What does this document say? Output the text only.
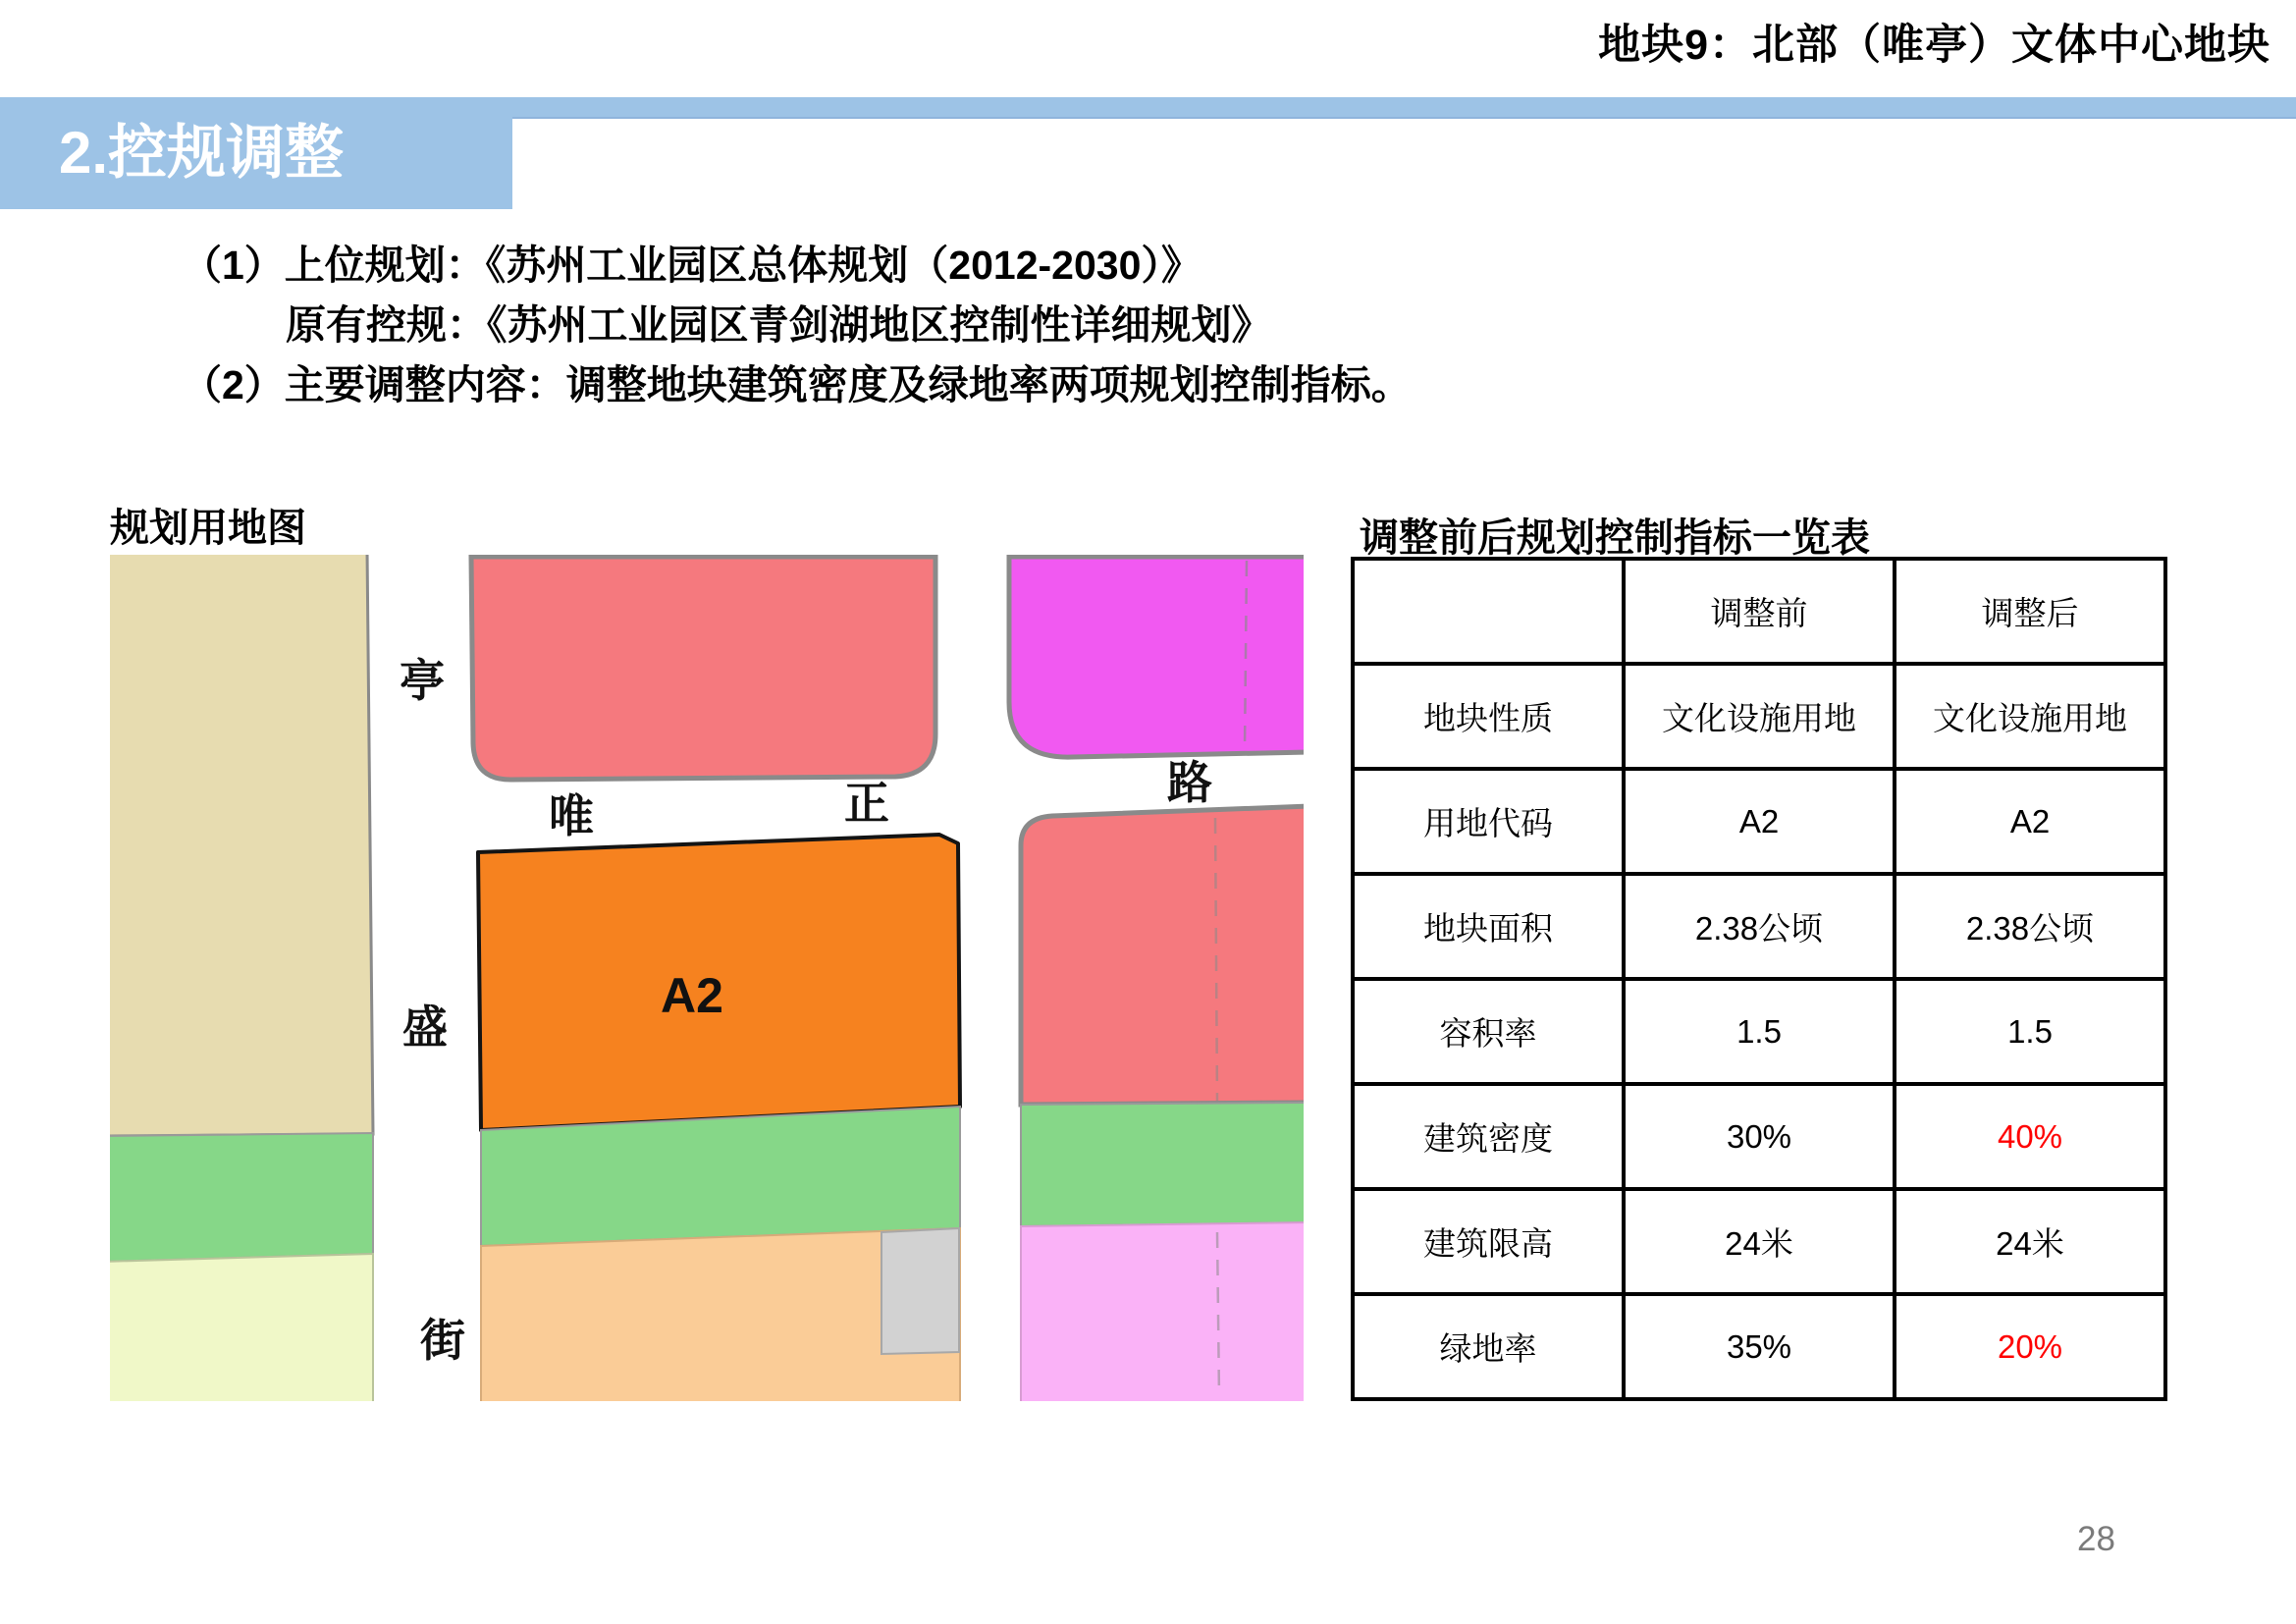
地块9：北部（唯亭）文体中心地块
2.控规调整
（1）上位规划：《苏州工业园区总体规划（2012-2030）》
原有控规：《苏州工业园区青剑湖地区控制性详细规划》
（2）主要调整内容：调整地块建筑密度及绿地率两项规划控制指标。
规划用地图	调整前后规划控制指标一览表
亭
唯	正	路
盛
街
A2
	调整前	调整后
地块性质	文化设施用地	文化设施用地
用地代码	A2	A2
地块面积	2.38公顷	2.38公顷
容积率	1.5	1.5
建筑密度	30%	40%
建筑限高	24米	24米
绿地率	35%	20%
28
